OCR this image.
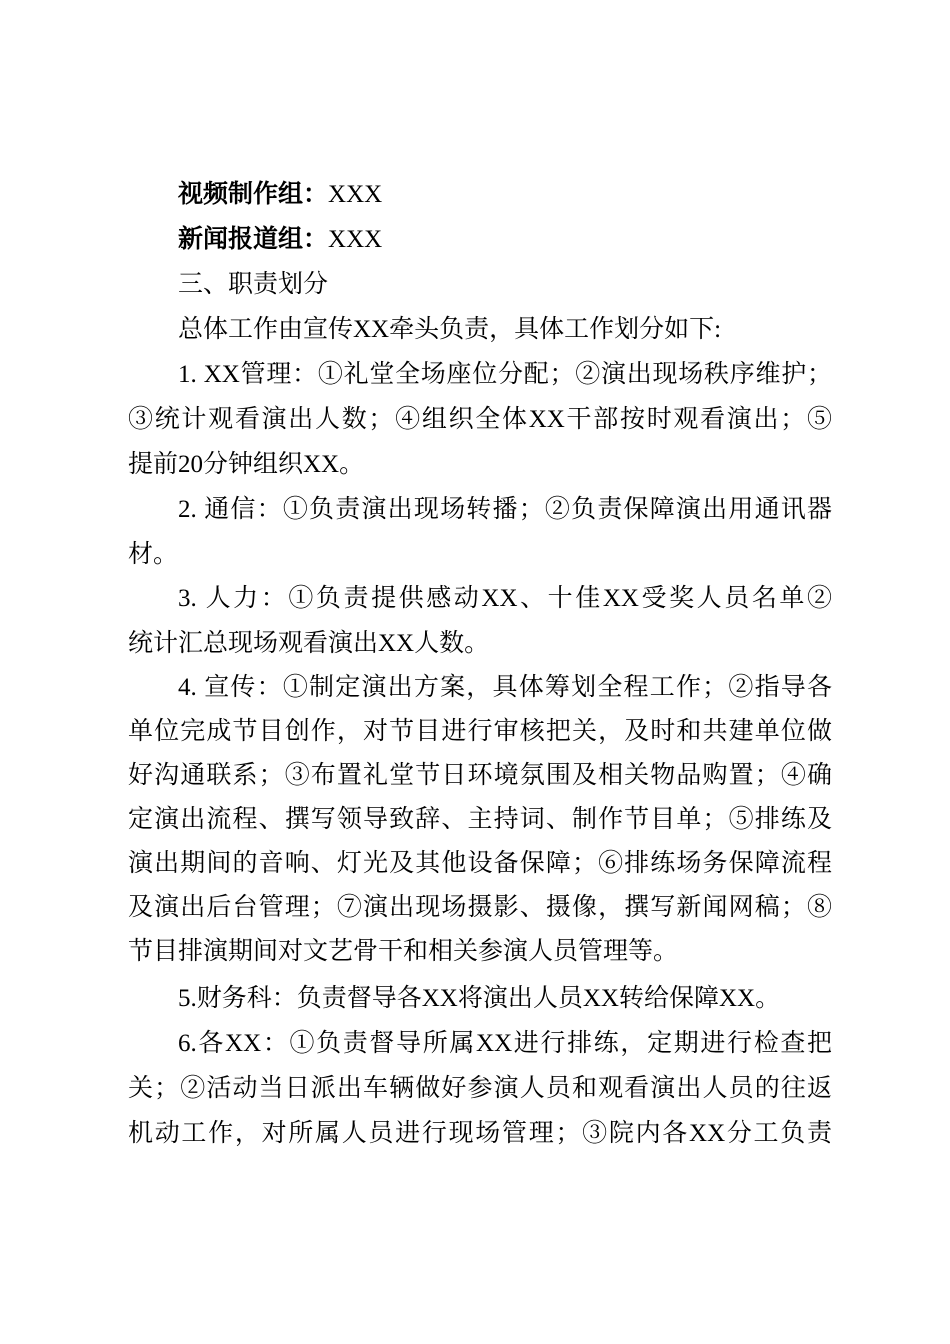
视频制作组：XXX
新闻报道组：XXX
三、职责划分
总体工作由宣传XX牵头负责，具体工作划分如下:
1. XX管理：①礼堂全场座位分配；②演出现场秩序维护；
③统计观看演出人数；④组织全体XX干部按时观看演出；⑤
提前20分钟组织XX。
2. 通信：①负责演出现场转播；②负责保障演出用通讯器
材。
3. 人力：①负责提供感动XX、十佳XX受奖人员名单②
统计汇总现场观看演出XX人数。
4. 宣传：①制定演出方案，具体筹划全程工作；②指导各
单位完成节目创作，对节目进行审核把关，及时和共建单位做
好沟通联系；③布置礼堂节日环境氛围及相关物品购置；④确
定演出流程、撰写领导致辞、主持词、制作节目单；⑤排练及
演出期间的音响、灯光及其他设备保障；⑥排练场务保障流程
及演出后台管理；⑦演出现场摄影、摄像，撰写新闻网稿；⑧
节目排演期间对文艺骨干和相关参演人员管理等。
5.财务科：负责督导各XX将演出人员XX转给保障XX。
6.各XX：①负责督导所属XX进行排练，定期进行检查把
关；②活动当日派出车辆做好参演人员和观看演出人员的往返
机动工作，对所属人员进行现场管理；③院内各XX分工负责
